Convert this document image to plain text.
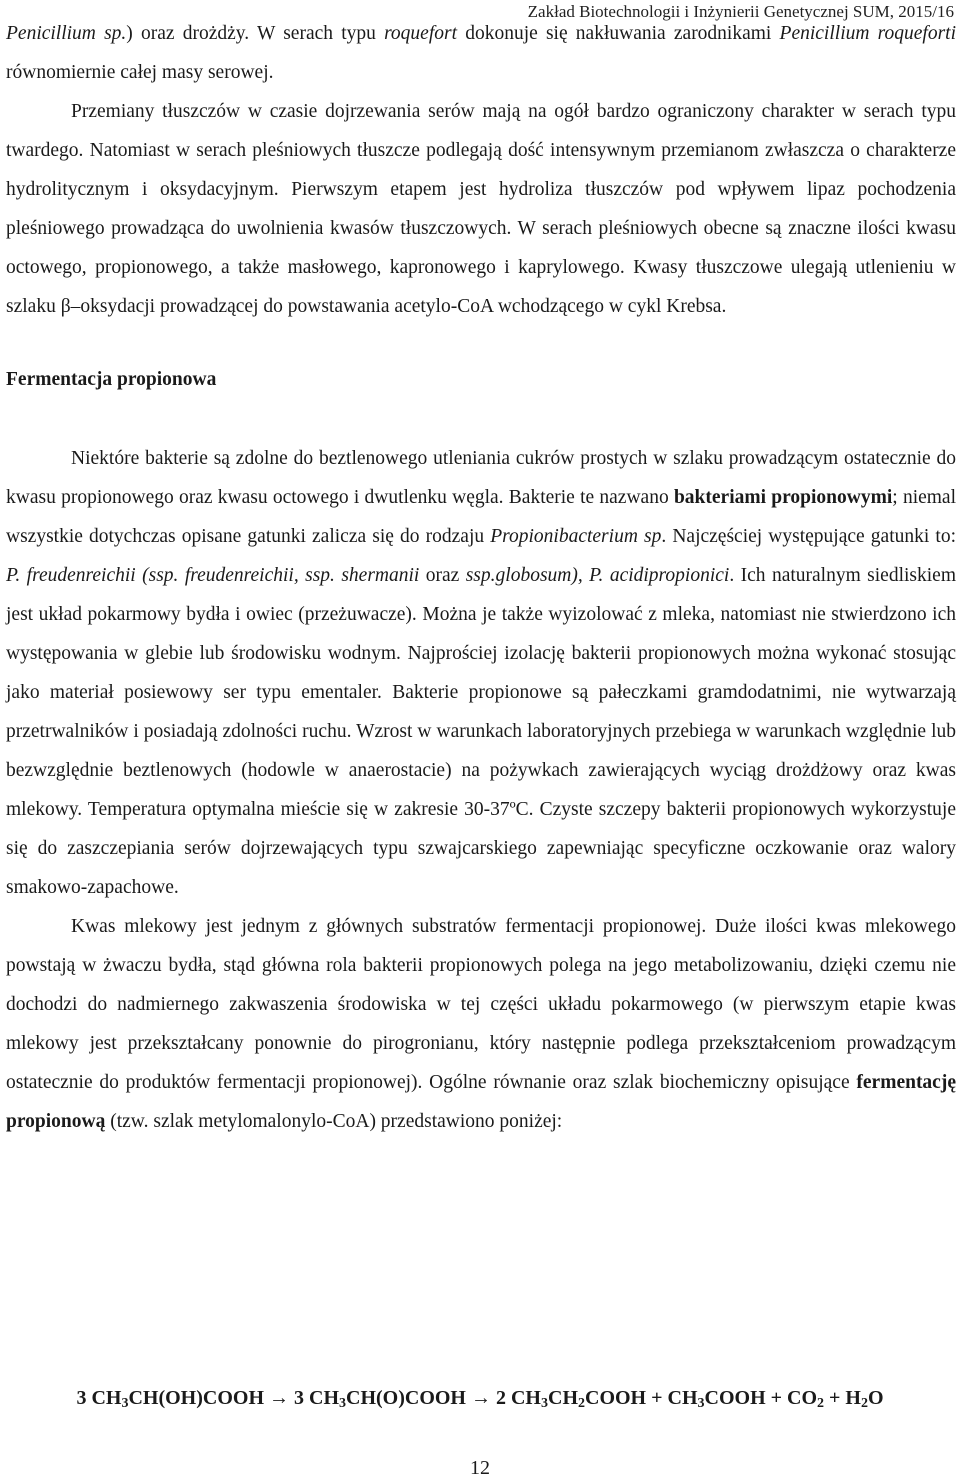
Zakład Biotechnologii i Inżynierii Genetycznej SUM, 2015/16

Penicillium sp.) oraz drożdży. W serach typu roquefort dokonuje się nakłuwania zarodnikami Penicillium roqueforti równomiernie całej masy serowej.

Przemiany tłuszczów w czasie dojrzewania serów mają na ogół bardzo ograniczony charakter w serach typu twardego. Natomiast w serach pleśniowych tłuszcze podlegają dość intensywnym przemianom zwłaszcza o charakterze hydrolitycznym i oksydacyjnym. Pierwszym etapem jest hydroliza tłuszczów pod wpływem lipaz pochodzenia pleśniowego prowadząca do uwolnienia kwasów tłuszczowych. W serach pleśniowych obecne są znaczne ilości kwasu octowego, propionowego, a także masłowego, kapronowego i kaprylowego. Kwasy tłuszczowe ulegają utlenieniu w szlaku β–oksydacji prowadzącej do powstawania acetylo-CoA wchodzącego w cykl Krebsa.

Fermentacja propionowa

Niektóre bakterie są zdolne do beztlenowego utleniania cukrów prostych w szlaku prowadzącym ostatecznie do kwasu propionowego oraz kwasu octowego i dwutlenku węgla. Bakterie te nazwano bakteriami propionowymi; niemal wszystkie dotychczas opisane gatunki zalicza się do rodzaju Propionibacterium sp. Najczęściej występujące gatunki to: P. freudenreichii (ssp. freudenreichii, ssp. shermanii oraz ssp.globosum), P. acidipropionici. Ich naturalnym siedliskiem jest układ pokarmowy bydła i owiec (przeżuwacze). Można je także wyizolować z mleka, natomiast nie stwierdzono ich występowania w glebie lub środowisku wodnym. Najprościej izolację bakterii propionowych można wykonać stosując jako materiał posiewowy ser typu ementaler. Bakterie propionowe są pałeczkami gramdodatnimi, nie wytwarzają przetrwalników i posiadają zdolności ruchu. Wzrost w warunkach laboratoryjnych przebiega w warunkach względnie lub bezwzględnie beztlenowych (hodowle w anaerostacie) na pożywkach zawierających wyciąg drożdżowy oraz kwas mlekowy. Temperatura optymalna mieście się w zakresie 30-37ºC. Czyste szczepy bakterii propionowych wykorzystuje się do zaszczepiania serów dojrzewających typu szwajcarskiego zapewniając specyficzne oczkowanie oraz walory smakowo-zapachowe.

Kwas mlekowy jest jednym z głównych substratów fermentacji propionowej. Duże ilości kwas mlekowego powstają w żwaczu bydła, stąd główna rola bakterii propionowych polega na jego metabolizowaniu, dzięki czemu nie dochodzi do nadmiernego zakwaszenia środowiska w tej części układu pokarmowego (w pierwszym etapie kwas mlekowy jest przekształcany ponownie do pirogronianu, który następnie podlega przekształceniom prowadzącym ostatecznie do produktów fermentacji propionowej). Ogólne równanie oraz szlak biochemiczny opisujące fermentację propionową (tzw. szlak metylomalonylo-CoA) przedstawiono poniżej:

3 $CH_3CH(OH)COOH \to 3$ $CH_3CH(O)COOH \to 2$ $CH_3CH_2COOH$ + $CH_3COOH + CO_2 + H_2O$
12
